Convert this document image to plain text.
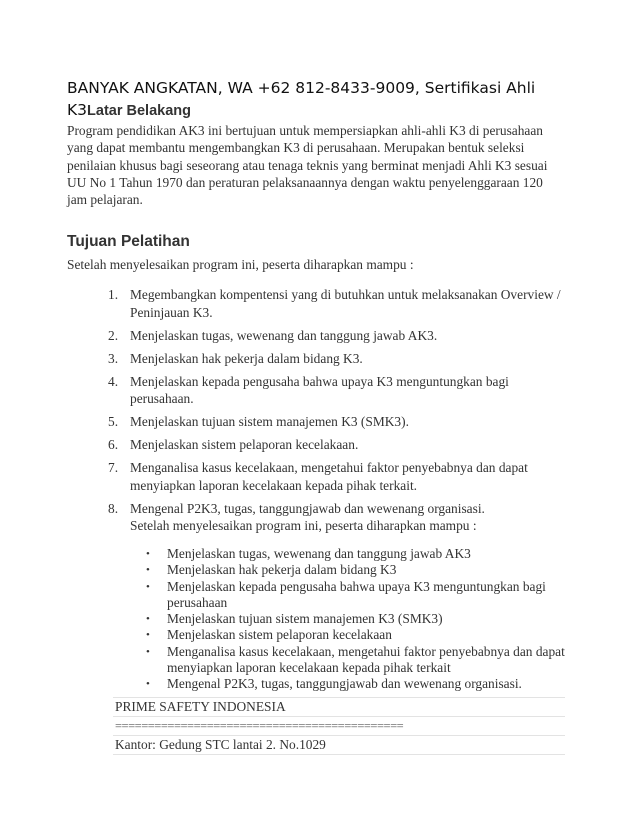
BANYAK ANGKATAN, WA +62 812-8433-9009, Sertifikasi Ahli K3Latar Belakang

Program pendidikan AK3 ini bertujuan untuk mempersiapkan ahli-ahli K3 di perusahaan yang dapat membantu mengembangkan K3 di perusahaan. Merupakan bentuk seleksi penilaian khusus bagi seseorang atau tenaga teknis yang berminat menjadi Ahli K3 sesuai UU No 1 Tahun 1970 dan peraturan pelaksanaannya dengan waktu penyelenggaraan 120 jam pelajaran.

Tujuan Pelatihan

Setelah menyelesaikan program ini, peserta diharapkan mampu :

1. Megembangkan kompentensi yang di butuhkan untuk melaksanakan Overview / Peninjauan K3.
2. Menjelaskan tugas, wewenang dan tanggung jawab AK3.
3. Menjelaskan hak pekerja dalam bidang K3.
4. Menjelaskan kepada pengusaha bahwa upaya K3 menguntungkan bagi perusahaan.
5. Menjelaskan tujuan sistem manajemen K3 (SMK3).
6. Menjelaskan sistem pelaporan kecelakaan.
7. Menganalisa kasus kecelakaan, mengetahui faktor penyebabnya dan dapat menyiapkan laporan kecelakaan kepada pihak terkait.
8. Mengenal P2K3, tugas, tanggungjawab dan wewenang organisasi.
Setelah menyelesaikan program ini, peserta diharapkan mampu :
• Menjelaskan tugas, wewenang dan tanggung jawab AK3
• Menjelaskan hak pekerja dalam bidang K3
• Menjelaskan kepada pengusaha bahwa upaya K3 menguntungkan bagi perusahaan
• Menjelaskan tujuan sistem manajemen K3 (SMK3)
• Menjelaskan sistem pelaporan kecelakaan
• Menganalisa kasus kecelakaan, mengetahui faktor penyebabnya dan dapat menyiapkan laporan kecelakaan kepada pihak terkait
• Mengenal P2K3, tugas, tanggungjawab dan wewenang organisasi.
PRIME SAFETY INDONESIA
============================================
Kantor: Gedung STC lantai 2. No.1029
